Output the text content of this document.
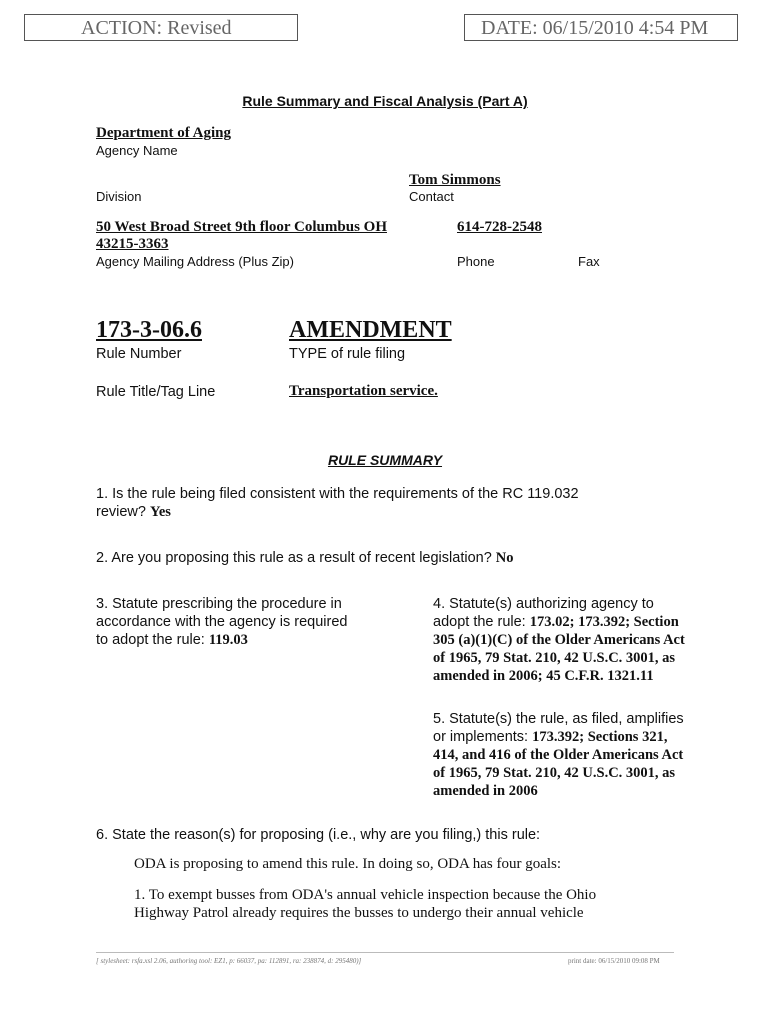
ACTION: Revised	DATE: 06/15/2010 4:54 PM
Rule Summary and Fiscal Analysis (Part A)
Department of Aging
Agency Name
Tom Simmons
Division	Contact
50 West Broad Street 9th floor Columbus OH
43215-3363
614-728-2548
Agency Mailing Address (Plus Zip)	Phone	Fax
173-3-06.6	AMENDMENT
Rule Number	TYPE of rule filing
Rule Title/Tag Line	Transportation service.
RULE SUMMARY
1. Is the rule being filed consistent with the requirements of the RC 119.032
review? Yes
2. Are you proposing this rule as a result of recent legislation? No
3. Statute prescribing the procedure in
accordance with the agency is required
to adopt the rule: 119.03
4. Statute(s) authorizing agency to
adopt the rule: 173.02; 173.392; Section
305 (a)(1)(C) of the Older Americans Act
of 1965, 79 Stat. 210, 42 U.S.C. 3001, as
amended in 2006; 45 C.F.R. 1321.11
5. Statute(s) the rule, as filed, amplifies
or implements: 173.392; Sections 321,
414, and 416 of the Older Americans Act
of 1965, 79 Stat. 210, 42 U.S.C. 3001, as
amended in 2006
6. State the reason(s) for proposing (i.e., why are you filing,) this rule:
ODA is proposing to amend this rule. In doing so, ODA has four goals:
1. To exempt busses from ODA's annual vehicle inspection because the Ohio
Highway Patrol already requires the busses to undergo their annual vehicle
[ stylesheet: rsfa.xsl 2.06, authoring tool: EZ1, p: 66037, pa: 112891, ra: 238874, d: 295480)]	print date: 06/15/2010 09:08 PM
